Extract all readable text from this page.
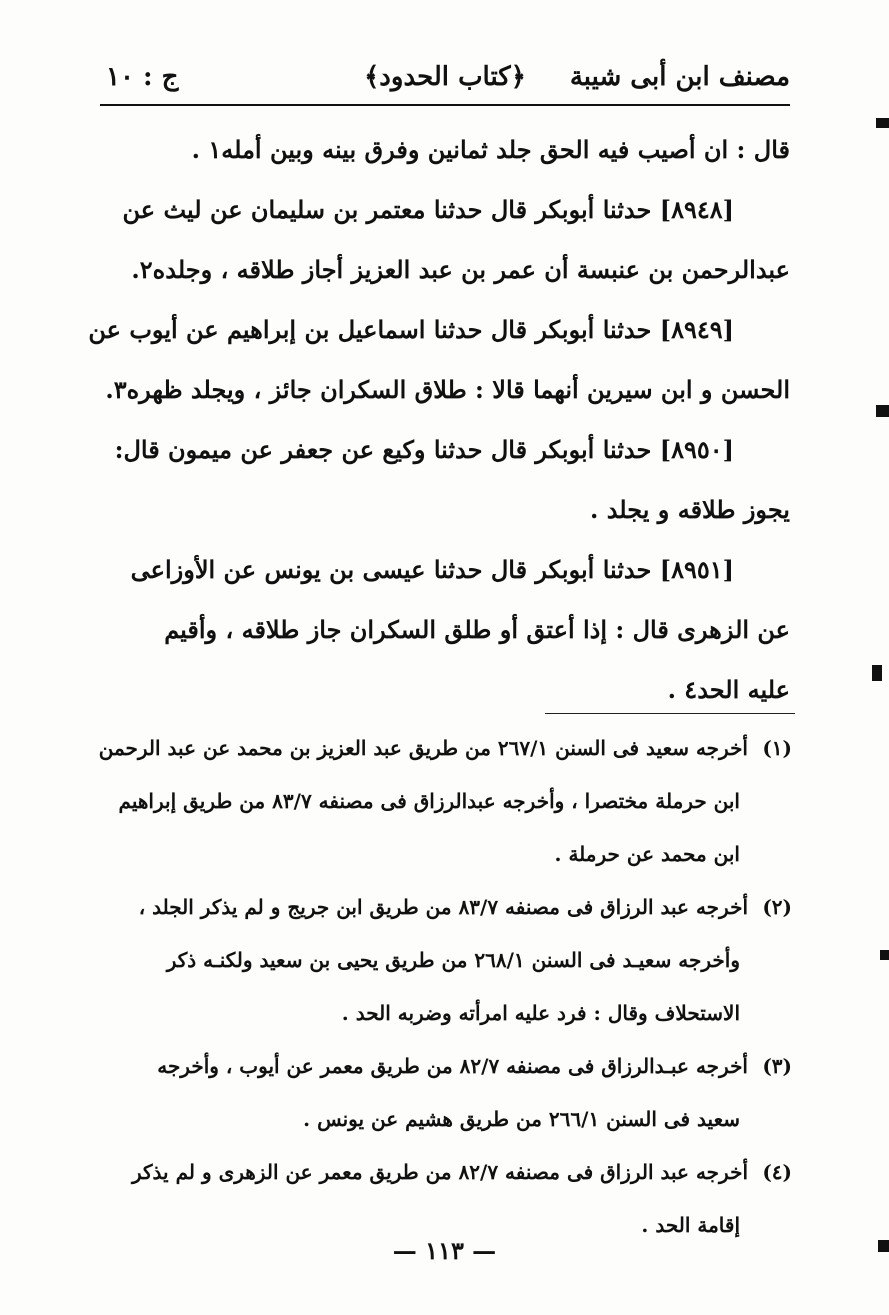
مصنف ابن أبى شيبة
﴿كتاب الحدود﴾
ج : ١٠
قال : ان أصيب فيه الحق جلد ثمانين وفرق بينه وبين أمله١ .
[٨٩٤٨] حدثنا أبوبكر قال حدثنا معتمر بن سليمان عن ليث عن
عبدالرحمن بن عنبسة أن عمر بن عبد العزيز أجاز طلاقه ، وجلده٢.
[٨٩٤٩] حدثنا أبوبكر قال حدثنا اسماعيل بن إبراهيم عن أيوب عن
الحسن و ابن سيرين أنهما قالا : طلاق السكران جائز ، ويجلد ظهره٣.
[٨٩٥٠] حدثنا أبوبكر قال حدثنا وكيع عن جعفر عن ميمون قال:
يجوز طلاقه و يجلد .
[٨٩٥١] حدثنا أبوبكر قال حدثنا عيسى بن يونس عن الأوزاعى
عن الزهرى قال : إذا أعتق أو طلق السكران جاز طلاقه ، وأقيم
عليه الحد٤ .
(١)
أخرجه سعيد فى السنن ٢٦٧/١ من طريق عبد العزيز بن محمد عن عبد الرحمن
ابن حرملة مختصرا ، وأخرجه عبدالرزاق فى مصنفه ٨٣/٧ من طريق إبراهيم
ابن محمد عن حرملة .
(٢)
أخرجه عبد الرزاق فى مصنفه ٨٣/٧ من طريق ابن جريج و لم يذكر الجلد ،
وأخرجه سعيـد فى السنن ٢٦٨/١ من طريق يحيى بن سعيد ولكنـه ذكر
الاستحلاف وقال : فرد عليه امرأته وضربه الحد .
(٣)
أخرجه عبـدالرزاق فى مصنفه ٨٢/٧ من طريق معمر عن أيوب ، وأخرجه
سعيد فى السنن ٢٦٦/١ من طريق هشيم عن يونس .
(٤)
أخرجه عبد الرزاق فى مصنفه ٨٢/٧ من طريق معمر عن الزهرى و لم يذكر
إقامة الحد .
— ١١٣ —
